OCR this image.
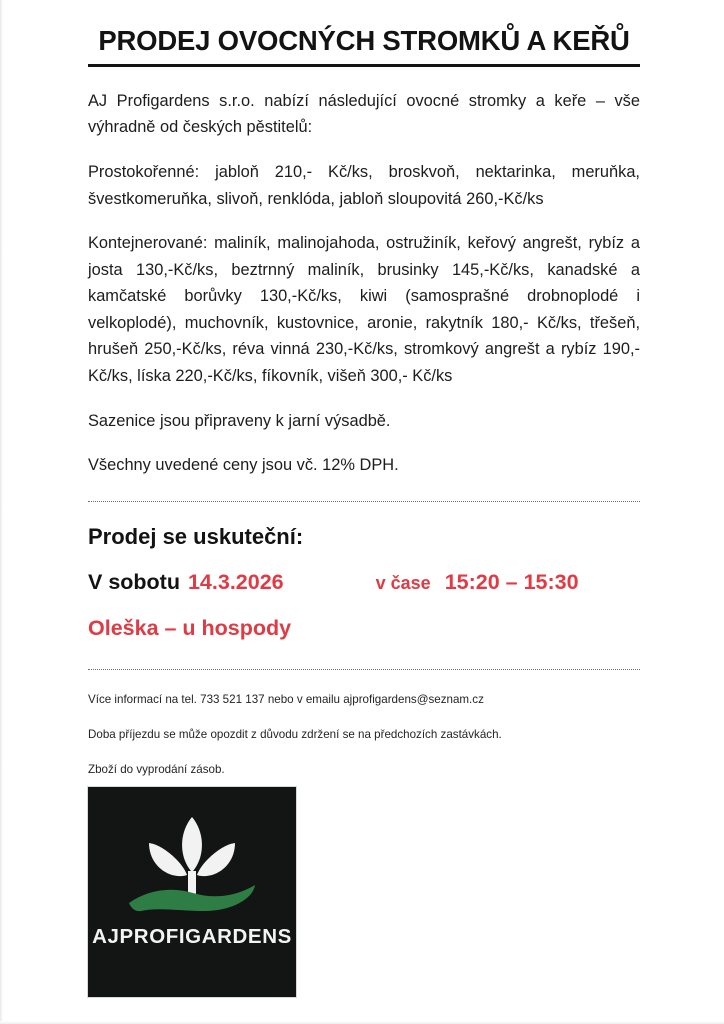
PRODEJ OVOCNÝCH STROMKŮ A KEŘŮ

AJ Profigardens s.r.o. nabízí následující ovocné stromky a keře – vše výhradně od českých pěstitelů:

Prostokořenné: jabloň 210,- Kč/ks, broskvoň, nektarinka, meruňka, švestkomeruňka, slivoň, renklóda, jabloň sloupovitá 260,-Kč/ks

Kontejnerované: maliník, malinojahoda, ostružiník, keřový angrešt, rybíz a josta 130,-Kč/ks, beztrnný maliník, brusinky 145,-Kč/ks, kanadské a kamčatské borůvky 130,-Kč/ks, kiwi (samosprašné drobnoplodé i velkoplodé), muchovník, kustovnice, aronie, rakytník 180,- Kč/ks, třešeň, hrušeň 250,-Kč/ks, réva vinná 230,-Kč/ks, stromkový angrešt a rybíz 190,- Kč/ks, líska 220,-Kč/ks, fíkovník, višeň 300,- Kč/ks

Sazenice jsou připraveny k jarní výsadbě.

Všechny uvedené ceny jsou vč. 12% DPH.

Prodej se uskuteční:
V sobotu 14.3.2026	v čase 15:20 – 15:30
Oleška – u hospody

Více informací na tel. 733 521 137 nebo v emailu ajprofigardens@seznam.cz

Doba příjezdu se může opozdit z důvodu zdržení se na předchozích zastávkách.

Zboží do vyprodání zásob.

AJPROFIGARDENS
